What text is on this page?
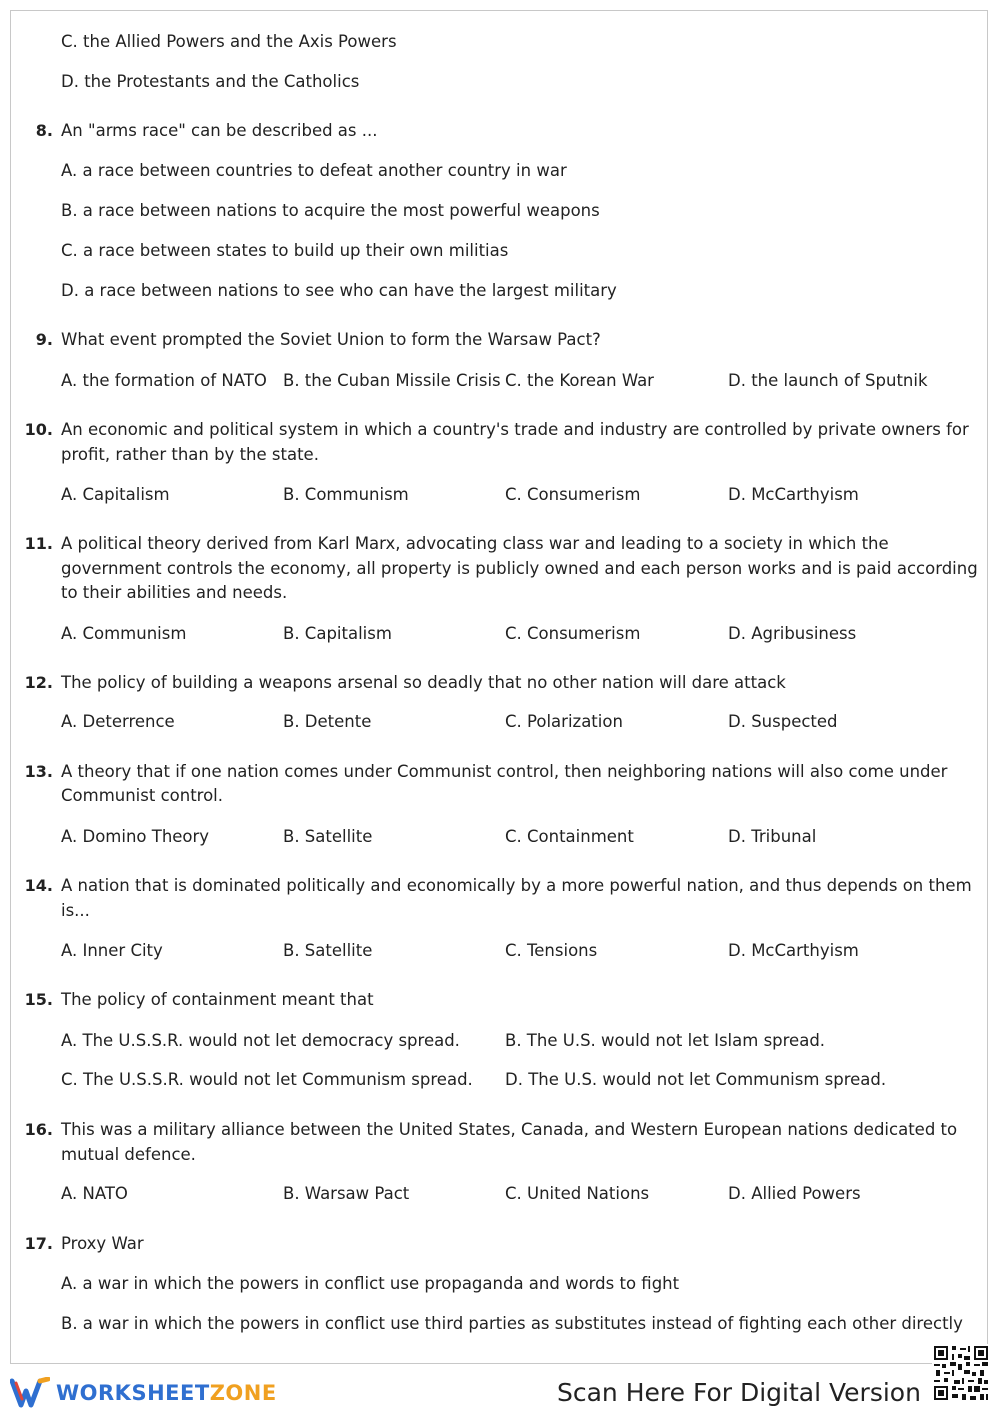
C. the Allied Powers and the Axis Powers
D. the Protestants and the Catholics
8. An "arms race" can be described as ...
A. a race between countries to defeat another country in war
B. a race between nations to acquire the most powerful weapons
C. a race between states to build up their own militias
D. a race between nations to see who can have the largest military
9. What event prompted the Soviet Union to form the Warsaw Pact?
A. the formation of NATO B. the Cuban Missile Crisis C. the Korean War	D. the launch of Sputnik
10. An economic and political system in which a country's trade and industry are controlled by private owners for
profit, rather than by the state.
A. Capitalism	B. Communism	C. Consumerism	D. McCarthyism
11. A political theory derived from Karl Marx, advocating class war and leading to a society in which the
government controls the economy, all property is publicly owned and each person works and is paid according
to their abilities and needs.
A. Communism	B. Capitalism	C. Consumerism	D. Agribusiness
12. The policy of building a weapons arsenal so deadly that no other nation will dare attack
A. Deterrence	B. Detente	C. Polarization	D. Suspected
13. A theory that if one nation comes under Communist control, then neighboring nations will also come under
Communist control.
A. Domino Theory	B. Satellite	C. Containment	D. Tribunal
14. A nation that is dominated politically and economically by a more powerful nation, and thus depends on them
is...
A. Inner City	B. Satellite	C. Tensions	D. McCarthyism
15. The policy of containment meant that
A. The U.S.S.R. would not let democracy spread.	B. The U.S. would not let Islam spread.
C. The U.S.S.R. would not let Communism spread. D. The U.S. would not let Communism spread.
16. This was a military alliance between the United States, Canada, and Western European nations dedicated to
mutual defence.
A. NATO	B. Warsaw Pact	C. United Nations	D. Allied Powers
17. Proxy War
A. a war in which the powers in conflict use propaganda and words to fight
B. a war in which the powers in conflict use third parties as substitutes instead of fighting each other directly
WORKSHEETZONE	Scan Here For Digital Version
